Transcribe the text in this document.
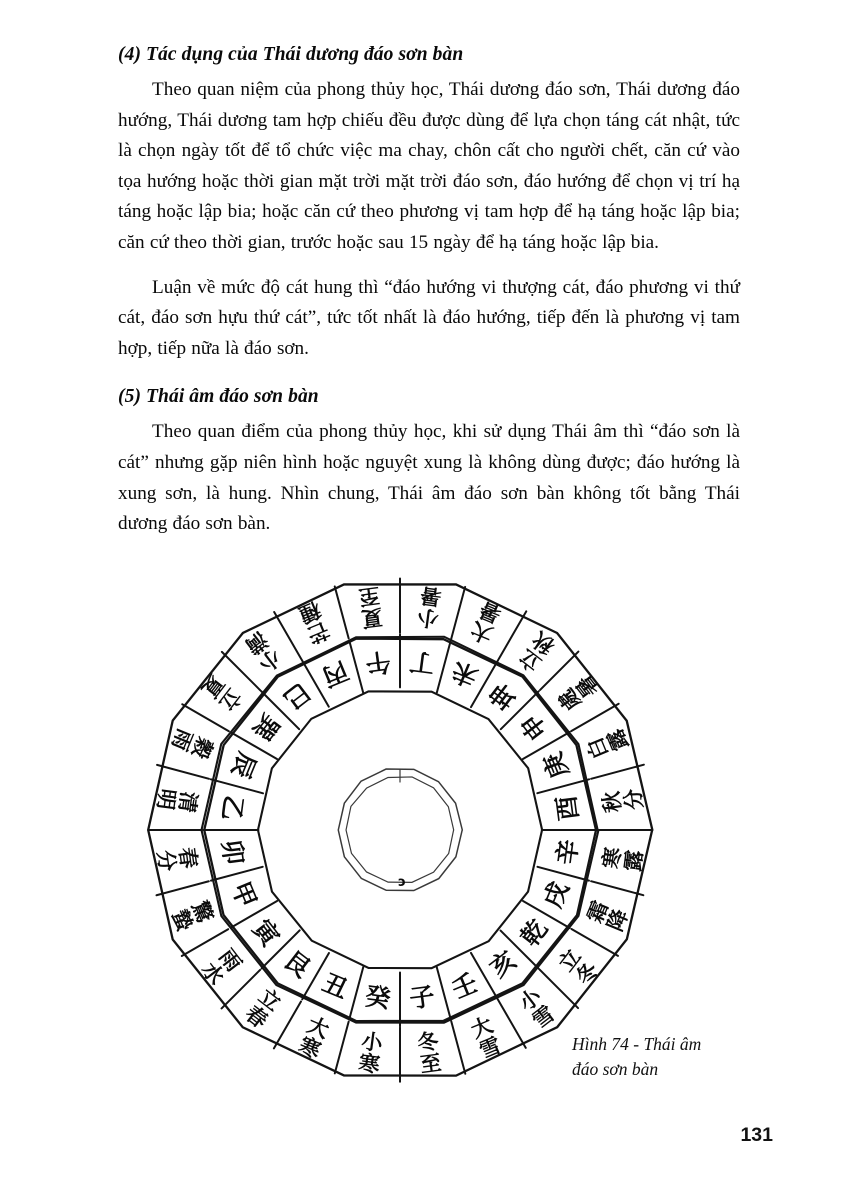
(4) Tác dụng của Thái dương đáo sơn bàn

Theo quan niệm của phong thủy học, Thái dương đáo sơn, Thái dương đáo hướng, Thái dương tam hợp chiếu đều được dùng để lựa chọn táng cát nhật, tức là chọn ngày tốt để tổ chức việc ma chay, chôn cất cho người chết, căn cứ vào tọa hướng hoặc thời gian mặt trời mặt trời đáo sơn, đáo hướng để chọn vị trí hạ táng hoặc lập bia; hoặc căn cứ theo phương vị tam hợp để hạ táng hoặc lập bia; căn cứ theo thời gian, trước hoặc sau 15 ngày để hạ táng hoặc lập bia.

Luận về mức độ cát hung thì “đáo hướng vi thượng cát, đáo phương vi thứ cát, đáo sơn hựu thứ cát”, tức tốt nhất là đáo hướng, tiếp đến là phương vị tam hợp, tiếp nữa là đáo sơn.

(5) Thái âm đáo sơn bàn

Theo quan điểm của phong thủy học, khi sử dụng Thái âm thì “đáo sơn là cát” nhưng gặp niên hình hoặc nguyệt xung là không dùng được; đáo hướng là xung sơn, là hung. Nhìn chung, Thái âm đáo sơn bàn không tốt bằng Thái dương đáo sơn bàn.

子
癸
丑
艮
寅
甲
卯
乙
辰
巽
巳
丙 午 丁 未
坤
申
庚
酉
辛
戌
乾
亥
壬
冬至
小寒
大寒
立春
雨水
驚蟄
春分
清明
穀雨
立夏
小満	芒種	夏至
小暑
大暑
立秋
處暑
白露
秋分
寒露
霜降
立冬
小雪
大雪
ɔ
Hình 74 - Thái âm
đáo sơn bàn
131
